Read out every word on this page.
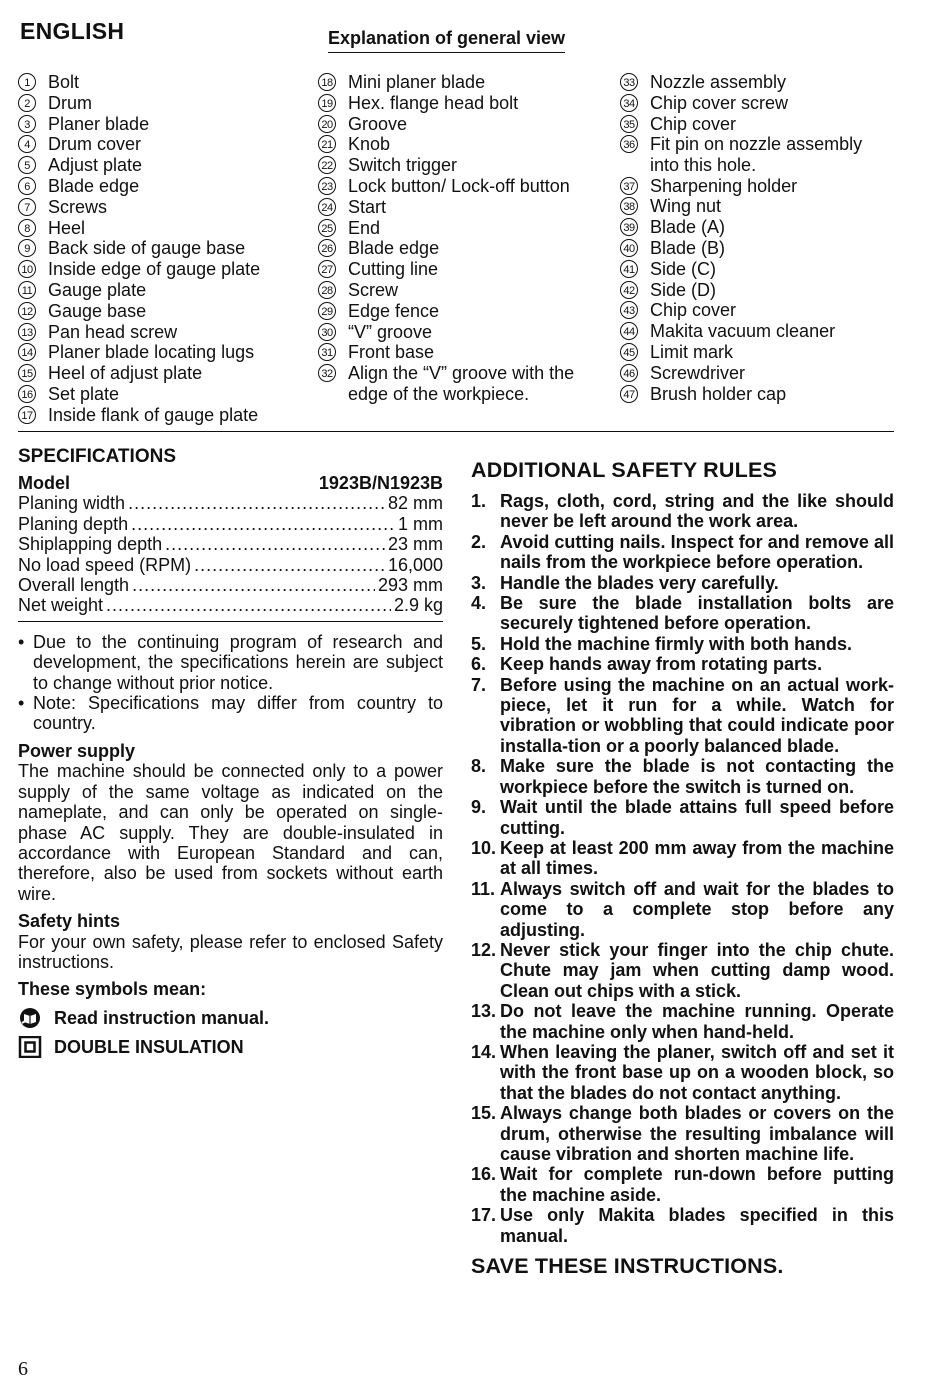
ENGLISH	Explanation of general view
1	Bolt
2	Drum
3	Planer blade
4	Drum cover
5	Adjust plate
6	Blade edge
7	Screws
8	Heel
9	Back side of gauge base
10 Inside edge of gauge plate
11 Gauge plate
12 Gauge base
13 Pan head screw
14 Planer blade locating lugs
15 Heel of adjust plate
16 Set plate
17 Inside flank of gauge plate
18 Mini planer blade
19 Hex. flange head bolt
20 Groove
21 Knob
22 Switch trigger
23 Lock button/ Lock-off button
24 Start
25 End
26 Blade edge
27 Cutting line
28 Screw
29 Edge fence
30 “V” groove
31 Front base
32 Align the “V” groove with the edge of the workpiece.
33 Nozzle assembly
34 Chip cover screw
35 Chip cover
36 Fit pin on nozzle assembly into this hole.
37 Sharpening holder
38 Wing nut
39 Blade (A)
40 Blade (B)
41 Side (C)
42 Side (D)
43 Chip cover
44 Makita vacuum cleaner
45 Limit mark
46 Screwdriver
47 Brush holder cap
SPECIFICATIONS
Model	1923B/N1923B
Planing width .....	82 mm
Planing depth .....	1 mm
Shiplapping depth .....	23 mm
No load speed (RPM) .....	16,000
Overall length .....	293 mm
Net weight .....	2.9 kg
• Due to the continuing program of research and development, the specifications herein are subject to change without prior notice.
• Note: Specifications may differ from country to country.
Power supply
The machine should be connected only to a power supply of the same voltage as indicated on the nameplate, and can only be operated on single-phase AC supply. They are double-insulated in accordance with European Standard and can, therefore, also be used from sockets without earth wire.
Safety hints
For your own safety, please refer to enclosed Safety instructions.
These symbols mean:
Read instruction manual.
DOUBLE INSULATION
ADDITIONAL SAFETY RULES
1. Rags, cloth, cord, string and the like should never be left around the work area.
2. Avoid cutting nails. Inspect for and remove all nails from the workpiece before operation.
3. Handle the blades very carefully.
4. Be sure the blade installation bolts are securely tightened before operation.
5. Hold the machine firmly with both hands.
6. Keep hands away from rotating parts.
7. Before using the machine on an actual work-piece, let it run for a while. Watch for vibration or wobbling that could indicate poor installa-tion or a poorly balanced blade.
8. Make sure the blade is not contacting the workpiece before the switch is turned on.
9. Wait until the blade attains full speed before cutting.
10. Keep at least 200 mm away from the machine at all times.
11. Always switch off and wait for the blades to come to a complete stop before any adjusting.
12. Never stick your finger into the chip chute. Chute may jam when cutting damp wood. Clean out chips with a stick.
13. Do not leave the machine running. Operate the machine only when hand-held.
14. When leaving the planer, switch off and set it with the front base up on a wooden block, so that the blades do not contact anything.
15. Always change both blades or covers on the drum, otherwise the resulting imbalance will cause vibration and shorten machine life.
16. Wait for complete run-down before putting the machine aside.
17. Use only Makita blades specified in this manual.
SAVE THESE INSTRUCTIONS.
6
